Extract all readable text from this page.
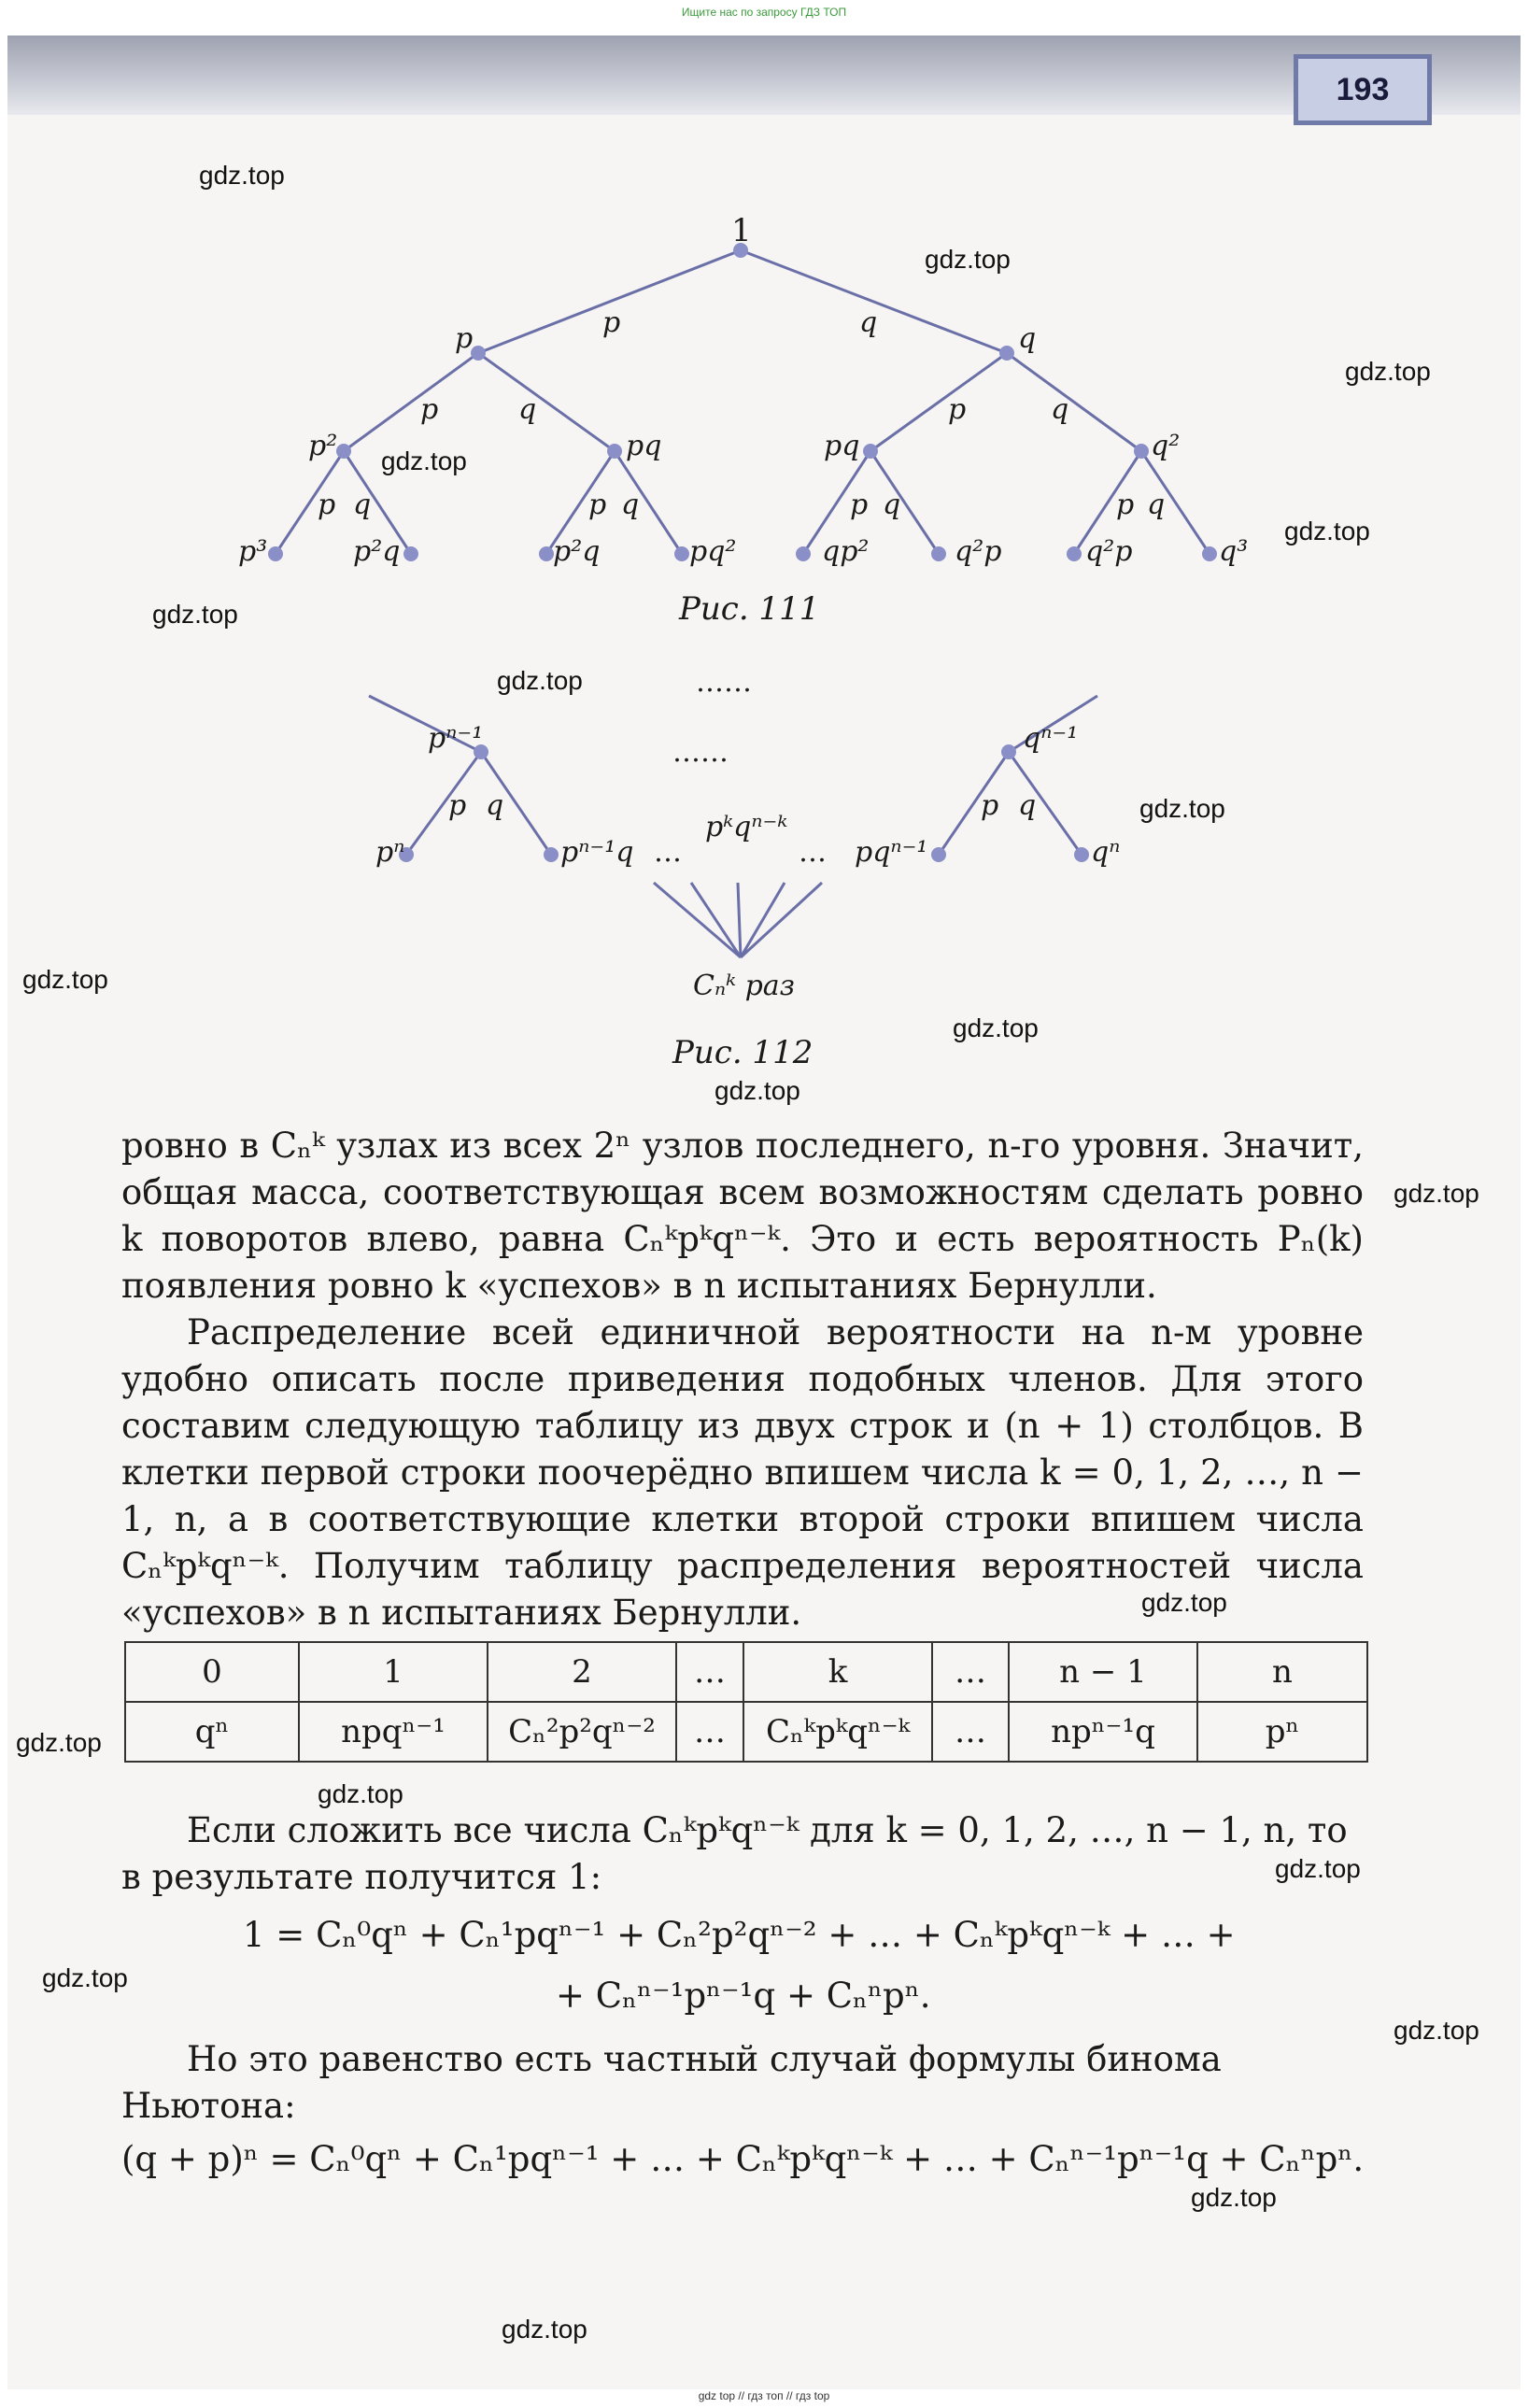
Ищите нас по запросу ГДЗ ТОП
193
1
p	q
p	q
p	q	p	q
p²	pq	pq	q²
p q	p q	p q	p q
p³	p²q	p²q	pq²	qp²	q²p	q²p	q³
Рис. 111
……
……
pⁿ⁻¹	qⁿ⁻¹
p q	p q
pⁿ	pⁿ⁻¹q …
pᵏqⁿ⁻ᵏ
… pqⁿ⁻¹	qⁿ
Cₙᵏ раз
Рис. 112

ровно в Cₙᵏ узлах из всех 2ⁿ узлов последнего, n-го уровня. Значит, общая масса, соответствующая всем возможностям сделать ровно k поворотов влево, равна Cₙᵏpᵏqⁿ⁻ᵏ. Это и есть вероятность Pₙ(k) появления ровно k «успехов» в n испытаниях Бернулли.

Распределение всей единичной вероятности на n-м уровне удобно описать после приведения подобных членов. Для этого составим следующую таблицу из двух строк и (n + 1) столбцов. В клетки первой строки поочерёдно впишем числа k = 0, 1, 2, …, n − 1, n, а в соответствующие клетки второй строки впишем числа Cₙᵏpᵏqⁿ⁻ᵏ. Получим таблицу распределения вероятностей числа «успехов» в n испытаниях Бернулли.

0	1	2	…	k	…	n − 1	n
qⁿ	npqⁿ⁻¹	Cₙ²p²qⁿ⁻²	…	Cₙᵏpᵏqⁿ⁻ᵏ	…	npⁿ⁻¹q	pⁿ

Если сложить все числа Cₙᵏpᵏqⁿ⁻ᵏ для k = 0, 1, 2, …, n − 1, n, то в результате получится 1:

1 = Cₙ⁰qⁿ + Cₙ¹pqⁿ⁻¹ + Cₙ²p²qⁿ⁻² + … + Cₙᵏpᵏqⁿ⁻ᵏ + … +
+ Cₙⁿ⁻¹pⁿ⁻¹q + Cₙⁿpⁿ.

Но это равенство есть частный случай формулы бинома Ньютона:

(q + p)ⁿ = Cₙ⁰qⁿ + Cₙ¹pqⁿ⁻¹ + … + Cₙᵏpᵏqⁿ⁻ᵏ + … + Cₙⁿ⁻¹pⁿ⁻¹q + Cₙⁿpⁿ.
gdz.top
gdz.top
gdz.top
gdz.top
gdz.top
gdz.top
gdz.top
gdz.top
gdz.top
gdz.top
gdz.top
gdz.top
gdz.top
gdz.top
gdz.top
gdz.top
gdz.top
gdz.top
gdz.top
gdz.top
gdz top // гдз топ // гдз top
